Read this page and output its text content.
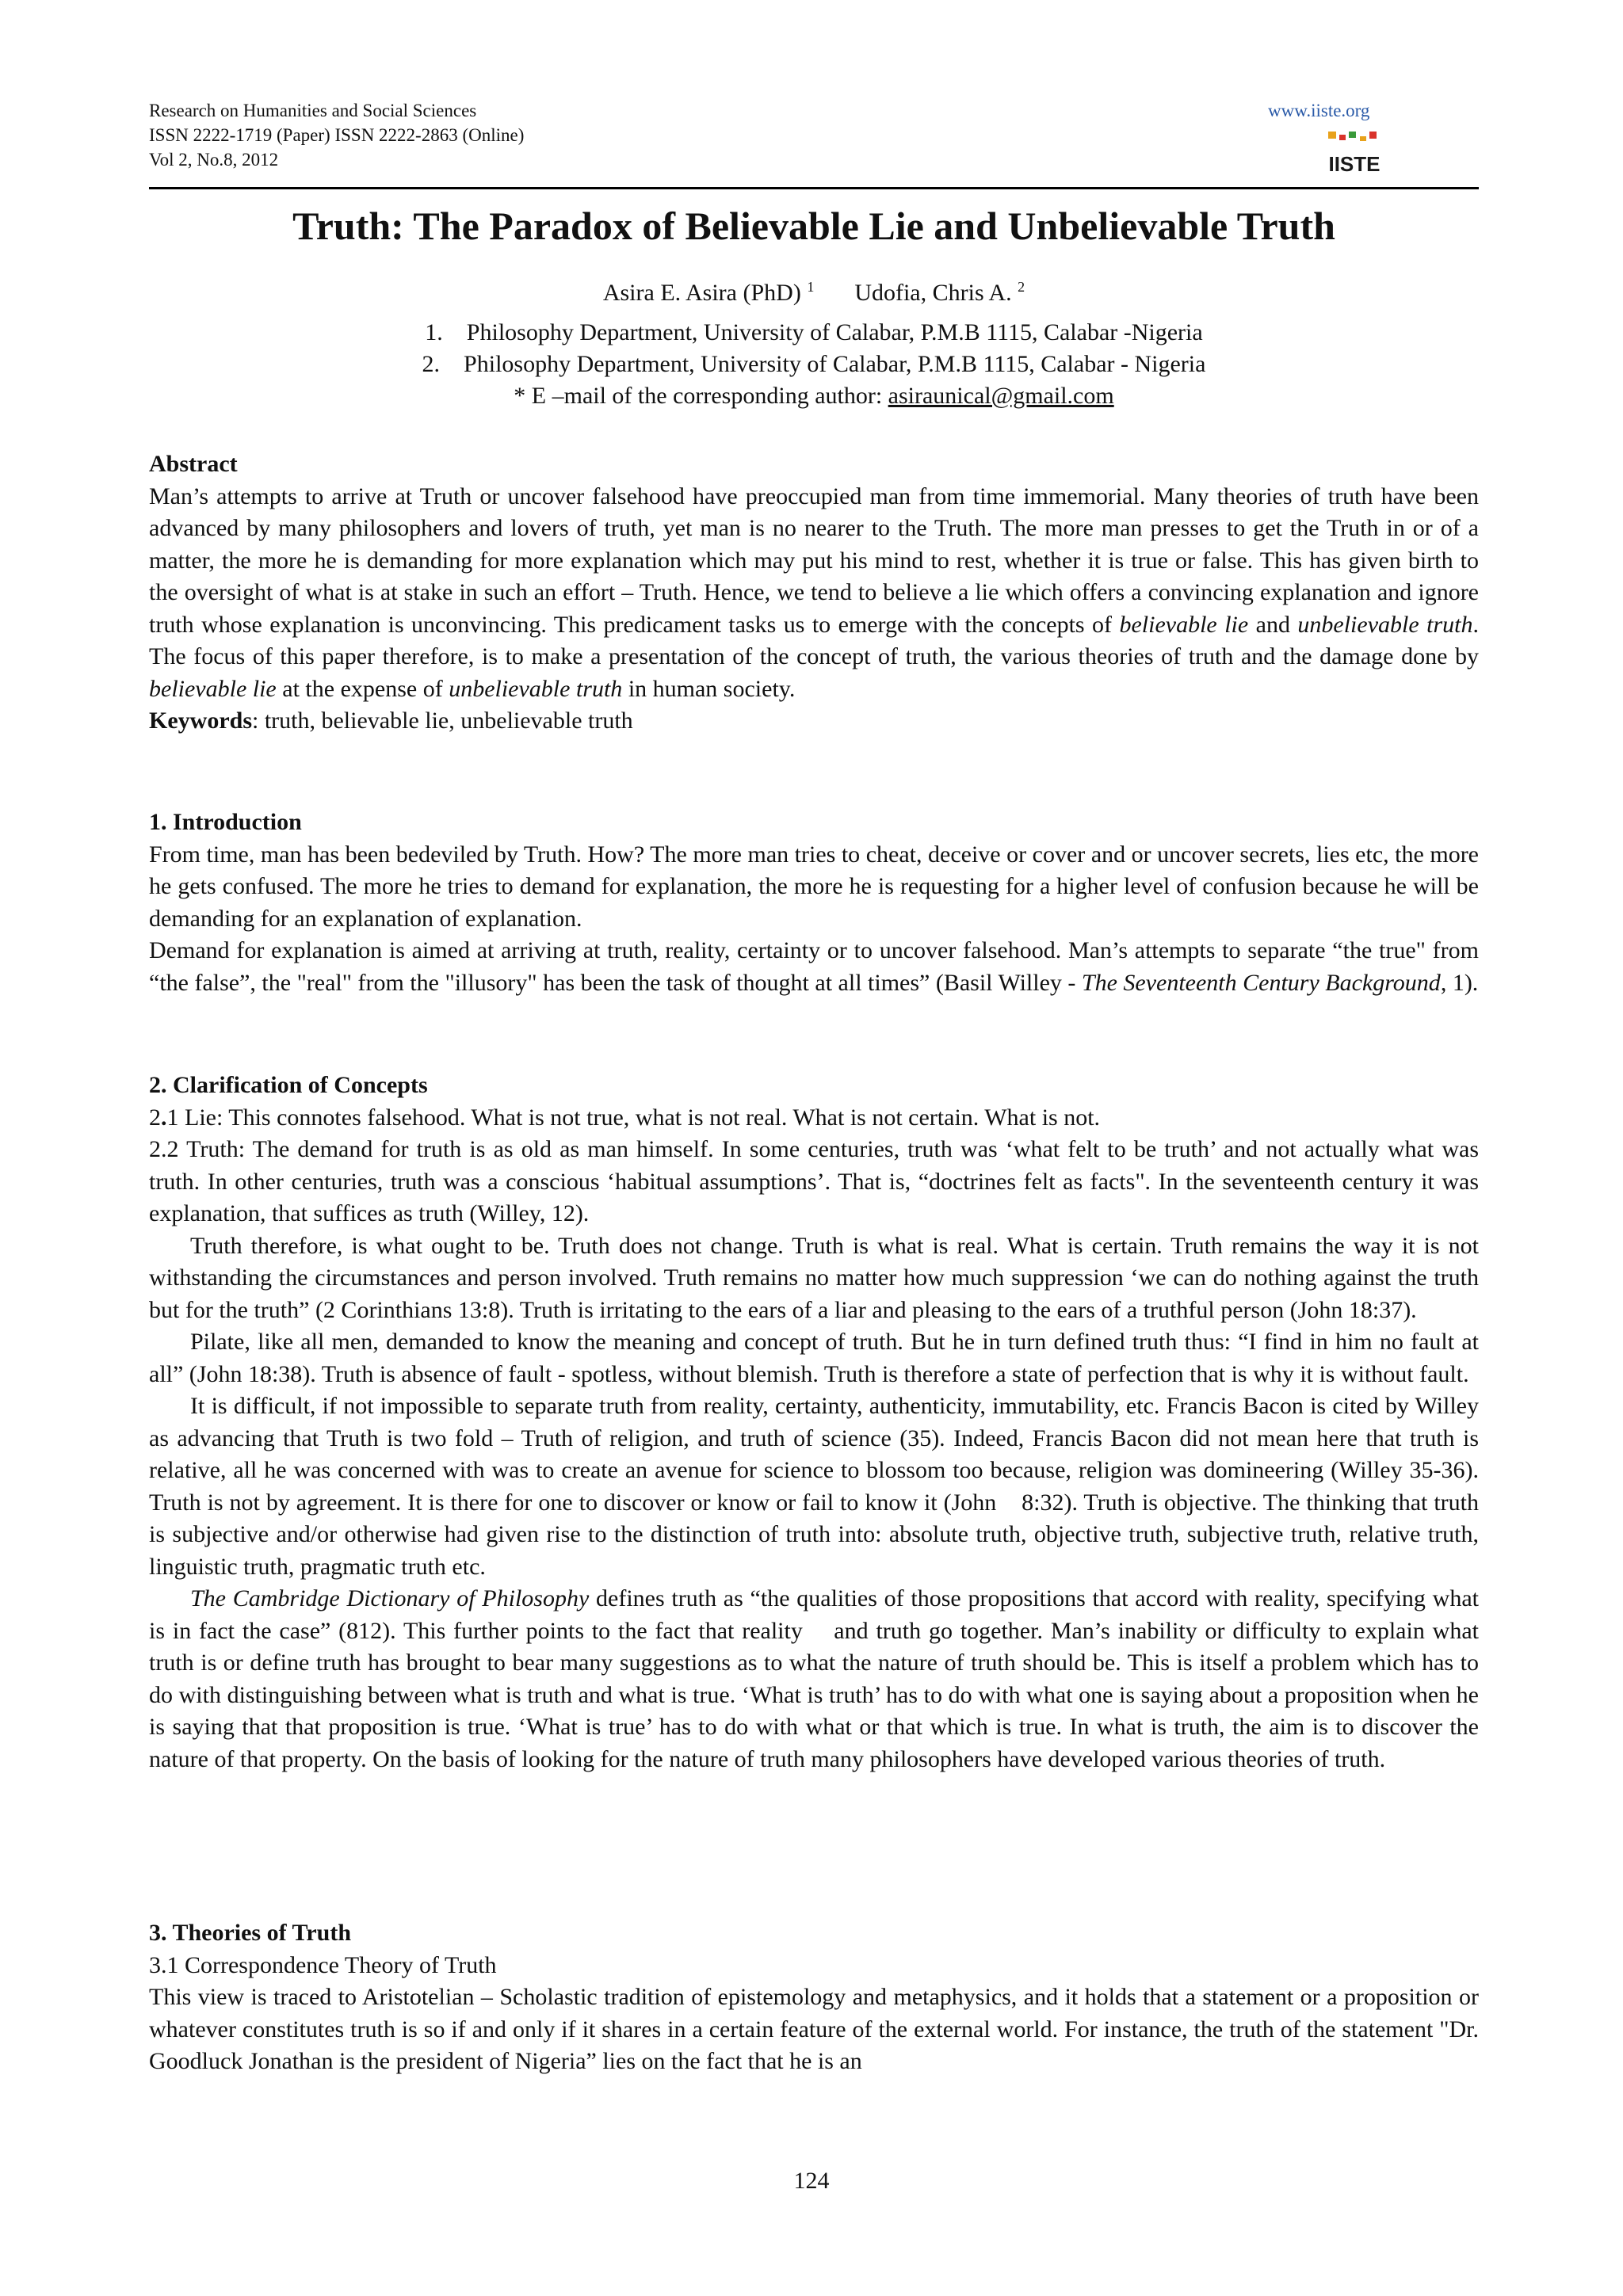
Research on Humanities and Social Sciences
ISSN 2222-1719 (Paper) ISSN 2222-2863 (Online)
Vol 2, No.8, 2012
www.iiste.org
IISTE
Truth: The Paradox of Believable Lie and Unbelievable Truth
Asira E. Asira (PhD) $^1$ Udofia, Chris A. $^2$
1.    Philosophy Department, University of Calabar, P.M.B 1115, Calabar -Nigeria
2.    Philosophy Department, University of Calabar, P.M.B 1115, Calabar - Nigeria
* E –mail of the corresponding author: asiraunical@gmail.com

Abstract

Man’s attempts to arrive at Truth or uncover falsehood have preoccupied man from time immemorial. Many theories of truth have been advanced by many philosophers and lovers of truth, yet man is no nearer to the Truth. The more man presses to get the Truth in or of a matter, the more he is demanding for more explanation which may put his mind to rest, whether it is true or false. This has given birth to the oversight of what is at stake in such an effort – Truth. Hence, we tend to believe a lie which offers a convincing explanation and ignore truth whose explanation is unconvincing. This predicament tasks us to emerge with the concepts of believable lie and unbelievable truth. The focus of this paper therefore, is to make a presentation of the concept of truth, the various theories of truth and the damage done by believable lie at the expense of unbelievable truth in human society.

Keywords: truth, believable lie, unbelievable truth

1. Introduction

From time, man has been bedeviled by Truth. How? The more man tries to cheat, deceive or cover and or uncover secrets, lies etc, the more he gets confused. The more he tries to demand for explanation, the more he is requesting for a higher level of confusion because he will be demanding for an explanation of explanation.

Demand for explanation is aimed at arriving at truth, reality, certainty or to uncover falsehood. Man’s attempts to separate “the true" from “the false”, the "real" from the "illusory" has been the task of thought at all times” (Basil Willey - The Seventeenth Century Background, 1).

2. Clarification of Concepts

2.1 Lie: This connotes falsehood. What is not true, what is not real. What is not certain. What is not.

2.2 Truth: The demand for truth is as old as man himself. In some centuries, truth was ‘what felt to be truth’ and not actually what was truth. In other centuries, truth was a conscious ‘habitual assumptions’. That is, “doctrines felt as facts". In the seventeenth century it was explanation, that suffices as truth (Willey, 12).

Truth therefore, is what ought to be. Truth does not change. Truth is what is real. What is certain. Truth remains the way it is not withstanding the circumstances and person involved. Truth remains no matter how much suppression ‘we can do nothing against the truth but for the truth” (2 Corinthians 13:8). Truth is irritating to the ears of a liar and pleasing to the ears of a truthful person (John 18:37).

Pilate, like all men, demanded to know the meaning and concept of truth. But he in turn defined truth thus: “I find in him no fault at all” (John 18:38). Truth is absence of fault - spotless, without blemish. Truth is therefore a state of perfection that is why it is without fault.

It is difficult, if not impossible to separate truth from reality, certainty, authenticity, immutability, etc. Francis Bacon is cited by Willey as advancing that Truth is two fold – Truth of religion, and truth of science (35). Indeed, Francis Bacon did not mean here that truth is relative, all he was concerned with was to create an avenue for science to blossom too because, religion was domineering (Willey 35-36). Truth is not by agreement. It is there for one to discover or know or fail to know it (John    8:32). Truth is objective. The thinking that truth is subjective and/or otherwise had given rise to the distinction of truth into: absolute truth, objective truth, subjective truth, relative truth, linguistic truth, pragmatic truth etc.

The Cambridge Dictionary of Philosophy defines truth as “the qualities of those propositions that accord with reality, specifying what is in fact the case” (812). This further points to the fact that reality    and truth go together. Man’s inability or difficulty to explain what truth is or define truth has brought to bear many suggestions as to what the nature of truth should be. This is itself a problem which has to do with distinguishing between what is truth and what is true. ‘What is truth’ has to do with what one is saying about a proposition when he is saying that that proposition is true. ‘What is true’ has to do with what or that which is true. In what is truth, the aim is to discover the nature of that property. On the basis of looking for the nature of truth many philosophers have developed various theories of truth.

3. Theories of Truth

3.1 Correspondence Theory of Truth

This view is traced to Aristotelian – Scholastic tradition of epistemology and metaphysics, and it holds that a statement or a proposition or whatever constitutes truth is so if and only if it shares in a certain feature of the external world. For instance, the truth of the statement "Dr. Goodluck Jonathan is the president of Nigeria” lies on the fact that he is an

124
